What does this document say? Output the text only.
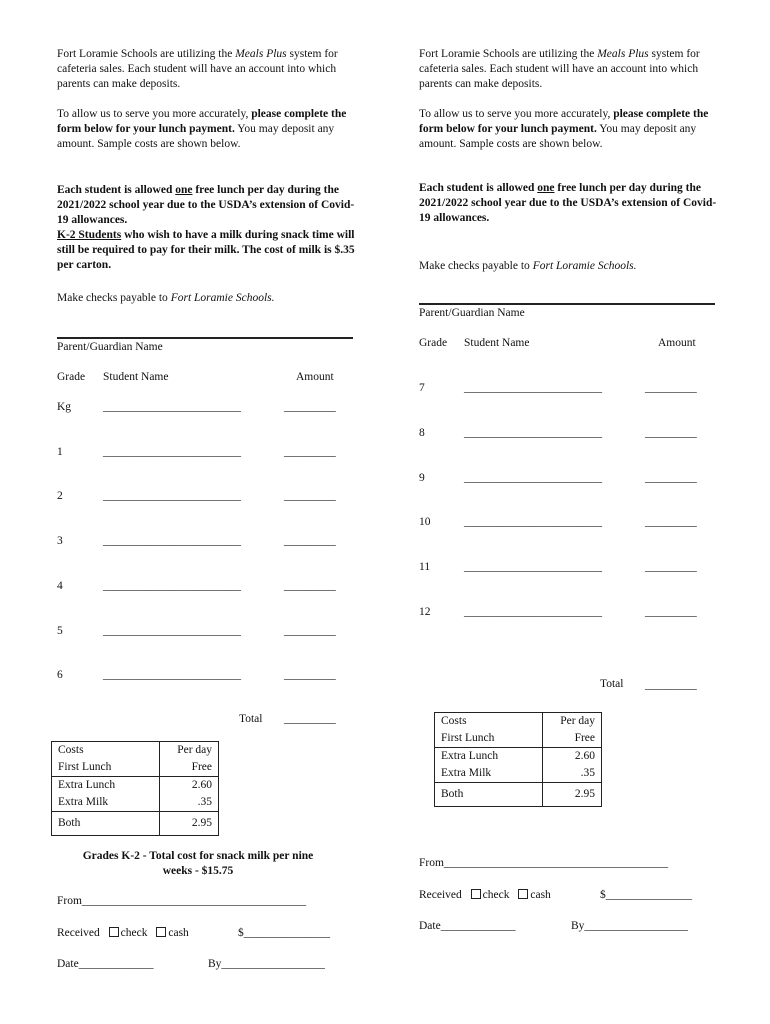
Fort Loramie Schools are utilizing the Meals Plus system for cafeteria sales. Each student will have an account into which parents can make deposits.
To allow us to serve you more accurately, please complete the form below for your lunch payment. You may deposit any amount. Sample costs are shown below.
Each student is allowed one free lunch per day during the 2021/2022 school year due to the USDA’s extension of Covid-19 allowances.
K-2 Students who wish to have a milk during snack time will still be required to pay for their milk. The cost of milk is $.35 per carton.
Make checks payable to Fort Loramie Schools.
Parent/Guardian Name
Grade Student Name	Amount
Kg	________________________	_________
1	________________________	_________
2	________________________	_________
3	________________________	_________
4	________________________	_________
5	________________________	_________
6	________________________	_________
Total _________
Costs	Per day
First Lunch	Free
Extra Lunch	2.60
Extra Milk	.35
Both	2.95
Grades K-2 - Total cost for snack milk per nine
weeks - $15.75
From_______________________________________
Received check cash	$_______________
Date_____________	By__________________
Fort Loramie Schools are utilizing the Meals Plus system for cafeteria sales. Each student will have an account into which parents can make deposits.
To allow us to serve you more accurately, please complete the form below for your lunch payment. You may deposit any amount. Sample costs are shown below.
Each student is allowed one free lunch per day during the 2021/2022 school year due to the USDA’s extension of Covid-19 allowances.
Make checks payable to Fort Loramie Schools.
Parent/Guardian Name
Grade Student Name	Amount
7	________________________	_________
8	________________________	_________
9	________________________	_________
10	________________________	_________
11	________________________	_________
12	________________________	_________
Total _________
Costs	Per day
First Lunch	Free
Extra Lunch	2.60
Extra Milk	.35
Both	2.95
From_______________________________________
Received check cash	$_______________
Date_____________	By__________________
